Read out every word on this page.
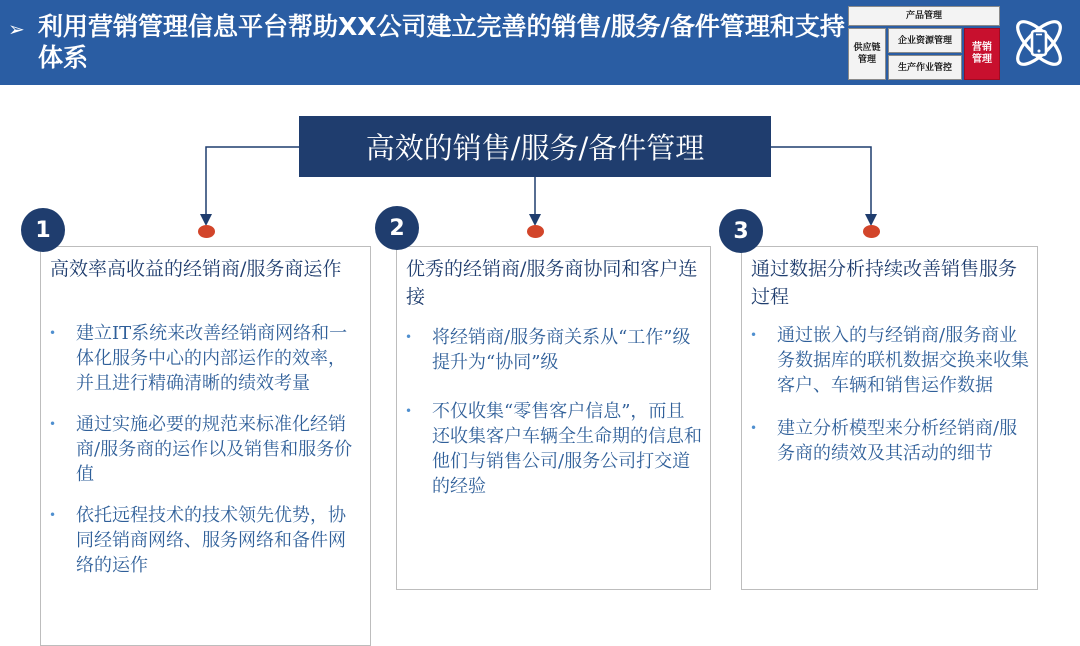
➢ 利用营销管理信息平台帮助XX公司建立完善的销售/服务/备件管理和支持体系
产品管理
供应链管理
企业资源管理
生产作业管控
营销管理
高效的销售/服务/备件管理
高效率高收益的经销商/服务商运作
• 建立IT系统来改善经销商网络和一体化服务中心的内部运作的效率，并且进行精确清晰的绩效考量
• 通过实施必要的规范来标准化经销商/服务商的运作以及销售和服务价值
• 依托远程技术的技术领先优势，协同经销商网络、服务网络和备件网络的运作
优秀的经销商/服务商协同和客户连接
• 将经销商/服务商关系从“工作”级提升为“协同”级
• 不仅收集“零售客户信息”，而且还收集客户车辆全生命期的信息和他们与销售公司/服务公司打交道的经验
通过数据分析持续改善销售服务过程
• 通过嵌入的与经销商/服务商业务数据库的联机数据交换来收集客户、车辆和销售运作数据
• 建立分析模型来分析经销商/服务商的绩效及其活动的细节
1	2	3
